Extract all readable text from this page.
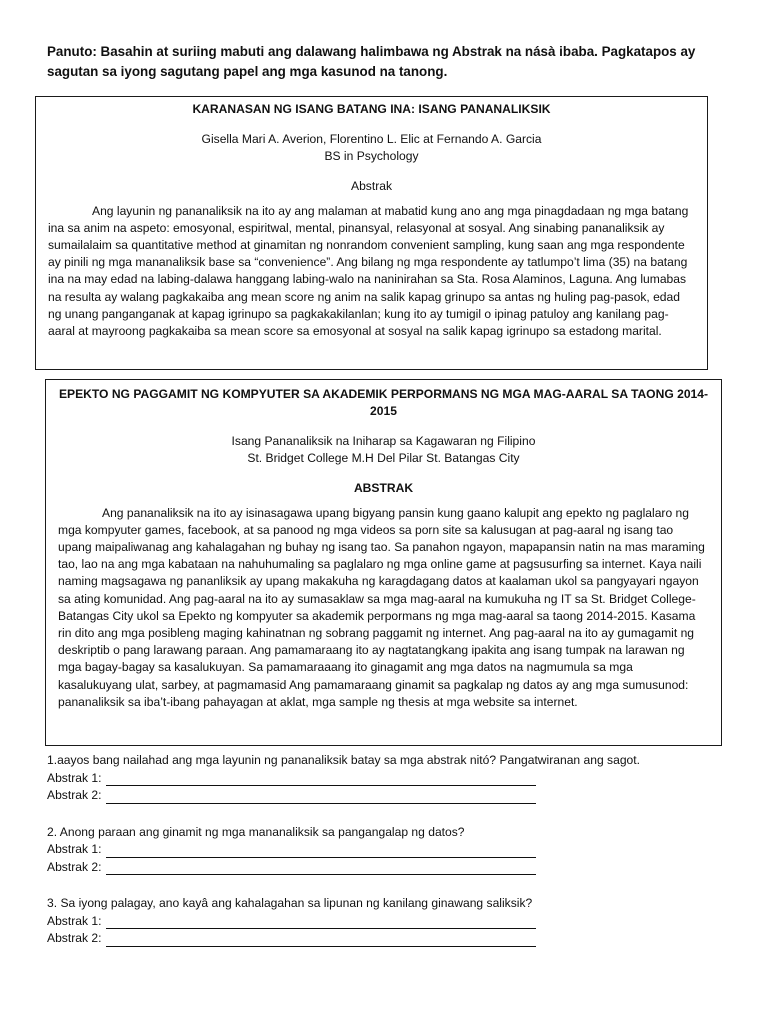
Panuto: Basahin at suriing mabuti ang dalawang halimbawa ng Abstrak na násà ibaba. Pagkatapos ay sagutan sa iyong sagutang papel ang mga kasunod na tanong.
KARANASAN NG ISANG BATANG INA: ISANG PANANALIKSIK
Gisella Mari A. Averion, Florentino L. Elic at Fernando A. Garcia
BS in Psychology
Abstrak
Ang layunin ng pananaliksik na ito ay ang malaman at mabatid kung ano ang mga pinagdadaan ng mga batang ina sa anim na aspeto: emosyonal, espiritwal, mental, pinansyal, relasyonal at sosyal. Ang sinabing pananaliksik ay sumailalaim sa quantitative method at ginamitan ng nonrandom convenient sampling, kung saan ang mga respondente ay pinili ng mga mananaliksik base sa “convenience”. Ang bilang ng mga respondente ay tatlumpo’t lima (35) na batang ina na may edad na labing-dalawa hanggang labing-walo na naninirahan sa Sta. Rosa Alaminos, Laguna. Ang lumabas na resulta ay walang pagkakaiba ang mean score ng anim na salik kapag grinupo sa antas ng huling pag-pasok, edad ng unang panganganak at kapag igrinupo sa pagkakakilanlan; kung ito ay tumigil o ipinag patuloy ang kanilang pag-aaral at mayroong pagkakaiba sa mean score sa emosyonal at sosyal na salik kapag igrinupo sa estadong marital.
EPEKTO NG PAGGAMIT NG KOMPYUTER SA AKADEMIK PERPORMANS NG MGA MAG-AARAL SA TAONG 2014-2015
Isang Pananaliksik na Iniharap sa Kagawaran ng Filipino
St. Bridget College M.H Del Pilar St. Batangas City
ABSTRAK
Ang pananaliksik na ito ay isinasagawa upang bigyang pansin kung gaano kalupit ang epekto ng paglalaro ng mga kompyuter games, facebook, at sa panood ng mga videos sa porn site sa kalusugan at pag-aaral ng isang tao upang maipaliwanag ang kahalagahan ng buhay ng isang tao. Sa panahon ngayon, mapapansin natin na mas maraming tao, lao na ang mga kabataan na nahuhumaling sa paglalaro ng mga online game at pagsusurfing sa internet. Kaya naili naming magsagawa ng pananliksik ay upang makakuha ng karagdagang datos at kaalaman ukol sa pangyayari ngayon sa ating komunidad. Ang pag-aaral na ito ay sumasaklaw sa mga mag-aaral na kumukuha ng IT sa St. Bridget College- Batangas City ukol sa Epekto ng kompyuter sa akademik perpormans ng mga mag-aaral sa taong 2014-2015. Kasama rin dito ang mga posibleng maging kahinatnan ng sobrang paggamit ng internet. Ang pag-aaral na ito ay gumagamit ng deskriptib o pang larawang paraan. Ang pamamaraang ito ay nagtatangkang ipakita ang isang tumpak na larawan ng mga bagay-bagay sa kasalukuyan. Sa pamamaraaang ito ginagamit ang mga datos na nagmumula sa mga kasalukuyang ulat, sarbey, at pagmamasid Ang pamamaraang ginamit sa pagkalap ng datos ay ang mga sumusunod: pananaliksik sa iba’t-ibang pahayagan at aklat, mga sample ng thesis at mga website sa internet.
1.aayos bang nailahad ang mga layunin ng pananaliksik batay sa mga abstrak nitó? Pangatwiranan ang sagot.
Abstrak 1:
Abstrak 2:
2. Anong paraan ang ginamit ng mga mananaliksik sa pangangalap ng datos?
Abstrak 1:
Abstrak 2:
3. Sa iyong palagay, ano kayâ ang kahalagahan sa lipunan ng kanilang ginawang saliksik?
Abstrak 1:
Abstrak 2:
